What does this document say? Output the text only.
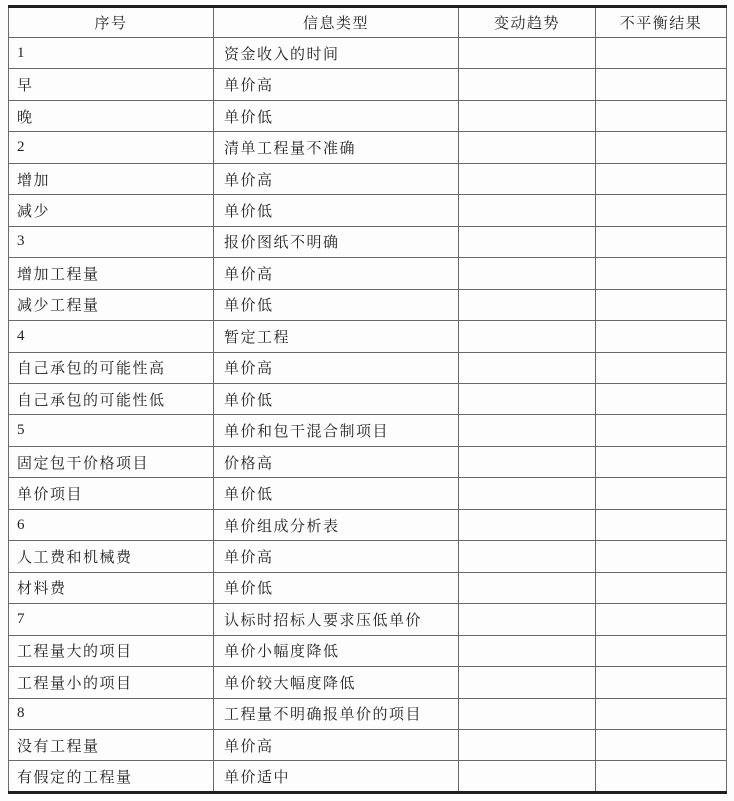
序号	信息类型	变动趋势	不平衡结果
1	资金收入的时间		
早	单价高		
晚	单价低		
2	清单工程量不准确		
增加	单价高		
减少	单价低		
3	报价图纸不明确		
增加工程量	单价高		
减少工程量	单价低		
4	暂定工程		
自己承包的可能性高	单价高		
自己承包的可能性低	单价低		
5	单价和包干混合制项目		
固定包干价格项目	价格高		
单价项目	单价低		
6	单价组成分析表		
人工费和机械费	单价高		
材料费	单价低		
7	认标时招标人要求压低单价		
工程量大的项目	单价小幅度降低		
工程量小的项目	单价较大幅度降低		
8	工程量不明确报单价的项目		
没有工程量	单价高		
有假定的工程量	单价适中		
